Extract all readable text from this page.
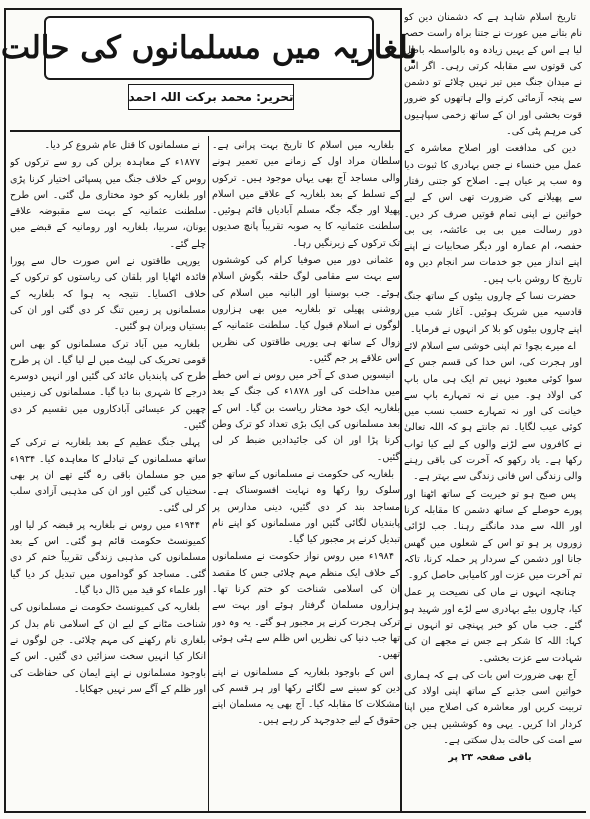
بلغاریہ میں مسلمانوں کی حالت
تحریر: محمد برکت اللہ احمد

تاریخ اسلام شاہد ہے کہ دشمنان دین کو نام بتانے میں عورت نے جتنا براہ راست حصہ لیا ہے اس کے یہیں زیادہ وہ بالواسطہ باطل کی قوتوں سے مقابلہ کرتی رہی۔ اگر اس نے میدان جنگ میں تیر نہیں چلائے تو دشمن سے پنجہ آزمائی کرنے والے ہاتھوں کو ضرور قوت بخشی اور ان کے ساتھ زخمی سپاہیوں کی مرہم پٹی کی۔

دین کی مدافعت اور اصلاح معاشرہ کے عمل میں خنساء نے جس بہادری کا ثبوت دیا وہ سب پر عیاں ہے۔ اصلاح کو جتنی رفتار سے پھیلانے کی ضرورت تھی اس کے لیے خواتین نے اپنی تمام قوتیں صرف کر دیں۔ دور رسالت میں بی بی عائشہ، بی بی حفصہ، ام عمارہ اور دیگر صحابیات نے اپنے اپنے انداز میں جو خدمات سر انجام دیں وہ تاریخ کا روشن باب ہیں۔

حضرت نسا کے چاروں بیٹوں کے ساتھ جنگ قادسیہ میں شریک ہوئیں۔ آغاز شب میں اپنے چاروں بیٹوں کو بلا کر انہوں نے فرمایا۔

اے میرے بچو! تم اپنی خوشی سے اسلام لائے اور ہجرت کی، اس خدا کی قسم جس کے سوا کوئی معبود نہیں تم ایک ہی ماں باپ کی اولاد ہو۔ میں نے نہ تمہارے باپ سے خیانت کی اور نہ تمہارے حسب نسب میں کوئی عیب لگایا۔ تم جانتے ہو کہ اللہ تعالیٰ نے کافروں سے لڑنے والوں کے لیے کیا ثواب رکھا ہے۔ یاد رکھو کہ آخرت کی باقی رہنے والی زندگی اس فانی زندگی سے بہتر ہے۔

پس صبح ہو تو خیریت کے ساتھ اٹھنا اور پورے حوصلے کے ساتھ دشمن کا مقابلہ کرنا اور اللہ سے مدد مانگتے رہنا۔ جب لڑائی زوروں پر ہو تو اس کے شعلوں میں گھس جانا اور دشمن کے سردار پر حملہ کرنا، تاکہ تم آخرت میں عزت اور کامیابی حاصل کرو۔

چنانچہ انہوں نے ماں کی نصیحت پر عمل کیا، چاروں بیٹے بہادری سے لڑے اور شہید ہو گئے۔ جب ماں کو خبر پہنچی تو انہوں نے کہا: اللہ کا شکر ہے جس نے مجھے ان کی شہادت سے عزت بخشی۔

آج بھی ضرورت اس بات کی ہے کہ ہماری خواتین اسی جذبے کے ساتھ اپنی اولاد کی تربیت کریں اور معاشرہ کی اصلاح میں اپنا کردار ادا کریں۔ یہی وہ کوششیں ہیں جن سے امت کی حالت بدل سکتی ہے۔

باقی صفحہ ۲۳ پر

بلغاریہ میں اسلام کا تاریخ بہت پرانی ہے۔ سلطان مراد اول کے زمانے میں تعمیر ہونے والی مساجد آج بھی یہاں موجود ہیں۔ ترکوں کے تسلط کے بعد بلغاریہ کے علاقے میں اسلام پھیلا اور جگہ جگہ مسلم آبادیاں قائم ہوئیں۔ سلطنت عثمانیہ کا یہ صوبہ تقریباً پانچ صدیوں تک ترکوں کے زیرنگیں رہا۔

عثمانی دور میں صوفیا کرام کی کوششوں سے بہت سے مقامی لوگ حلقہ بگوش اسلام ہوئے۔ جب بوسنیا اور البانیہ میں اسلام کی روشنی پھیلی تو بلغاریہ میں بھی ہزاروں لوگوں نے اسلام قبول کیا۔ سلطنت عثمانیہ کے زوال کے ساتھ ہی یورپی طاقتوں کی نظریں اس علاقے پر جم گئیں۔

انیسویں صدی کے آخر میں روس نے اس خطے میں مداخلت کی اور ۱۸۷۸ء کی جنگ کے بعد بلغاریہ ایک خود مختار ریاست بن گیا۔ اس کے بعد مسلمانوں کی ایک بڑی تعداد کو ترک وطن کرنا پڑا اور ان کی جائیدادیں ضبط کر لی گئیں۔

بلغاریہ کی حکومت نے مسلمانوں کے ساتھ جو سلوک روا رکھا وہ نہایت افسوسناک ہے۔ مساجد بند کر دی گئیں، دینی مدارس پر پابندیاں لگائی گئیں اور مسلمانوں کو اپنے نام تبدیل کرنے پر مجبور کیا گیا۔

۱۹۸۴ء میں روس نواز حکومت نے مسلمانوں کے خلاف ایک منظم مہم چلائی جس کا مقصد ان کی اسلامی شناخت کو ختم کرنا تھا۔ ہزاروں مسلمان گرفتار ہوئے اور بہت سے ترکی ہجرت کرنے پر مجبور ہو گئے۔ یہ وہ دور تھا جب دنیا کی نظریں اس ظلم سے ہٹی ہوئی تھیں۔

اس کے باوجود بلغاریہ کے مسلمانوں نے اپنے دین کو سینے سے لگائے رکھا اور ہر قسم کی مشکلات کا مقابلہ کیا۔ آج بھی یہ مسلمان اپنے حقوق کے لیے جدوجہد کر رہے ہیں۔

نے مسلمانوں کا قتل عام شروع کر دیا۔

۱۸۷۷ء کے معاہدہ برلن کی رو سے ترکوں کو روس کے خلاف جنگ میں پسپائی اختیار کرنا پڑی اور بلغاریہ کو خود مختاری مل گئی۔ اس طرح سلطنت عثمانیہ کے بہت سے مقبوضہ علاقے یونان، سربیا، بلغاریہ اور رومانیہ کے قبضے میں چلے گئے۔

یورپی طاقتوں نے اس صورت حال سے پورا فائدہ اٹھایا اور بلقان کی ریاستوں کو ترکوں کے خلاف اکسایا۔ نتیجہ یہ ہوا کہ بلغاریہ کے مسلمانوں پر زمین تنگ کر دی گئی اور ان کی بستیاں ویران ہو گئیں۔

بلغاریہ میں آباد ترک مسلمانوں کو بھی اس قومی تحریک کی لپیٹ میں لے لیا گیا۔ ان پر طرح طرح کی پابندیاں عائد کی گئیں اور انہیں دوسرے درجے کا شہری بنا دیا گیا۔ مسلمانوں کی زمینیں چھین کر عیسائی آبادکاروں میں تقسیم کر دی گئیں۔

پہلی جنگ عظیم کے بعد بلغاریہ نے ترکی کے ساتھ مسلمانوں کے تبادلے کا معاہدہ کیا۔ ۱۹۳۴ء میں جو مسلمان باقی رہ گئے تھے ان پر بھی سختیاں کی گئیں اور ان کی مذہبی آزادی سلب کر لی گئی۔

۱۹۴۴ء میں روس نے بلغاریہ پر قبضہ کر لیا اور کمیونسٹ حکومت قائم ہو گئی۔ اس کے بعد مسلمانوں کی مذہبی زندگی تقریباً ختم کر دی گئی۔ مساجد کو گوداموں میں تبدیل کر دیا گیا اور علماء کو قید میں ڈال دیا گیا۔

بلغاریہ کی کمیونسٹ حکومت نے مسلمانوں کی شناخت مٹانے کے لیے ان کے اسلامی نام بدل کر بلغاری نام رکھنے کی مہم چلائی۔ جن لوگوں نے انکار کیا انہیں سخت سزائیں دی گئیں۔ اس کے باوجود مسلمانوں نے اپنے ایمان کی حفاظت کی اور ظلم کے آگے سر نہیں جھکایا۔
